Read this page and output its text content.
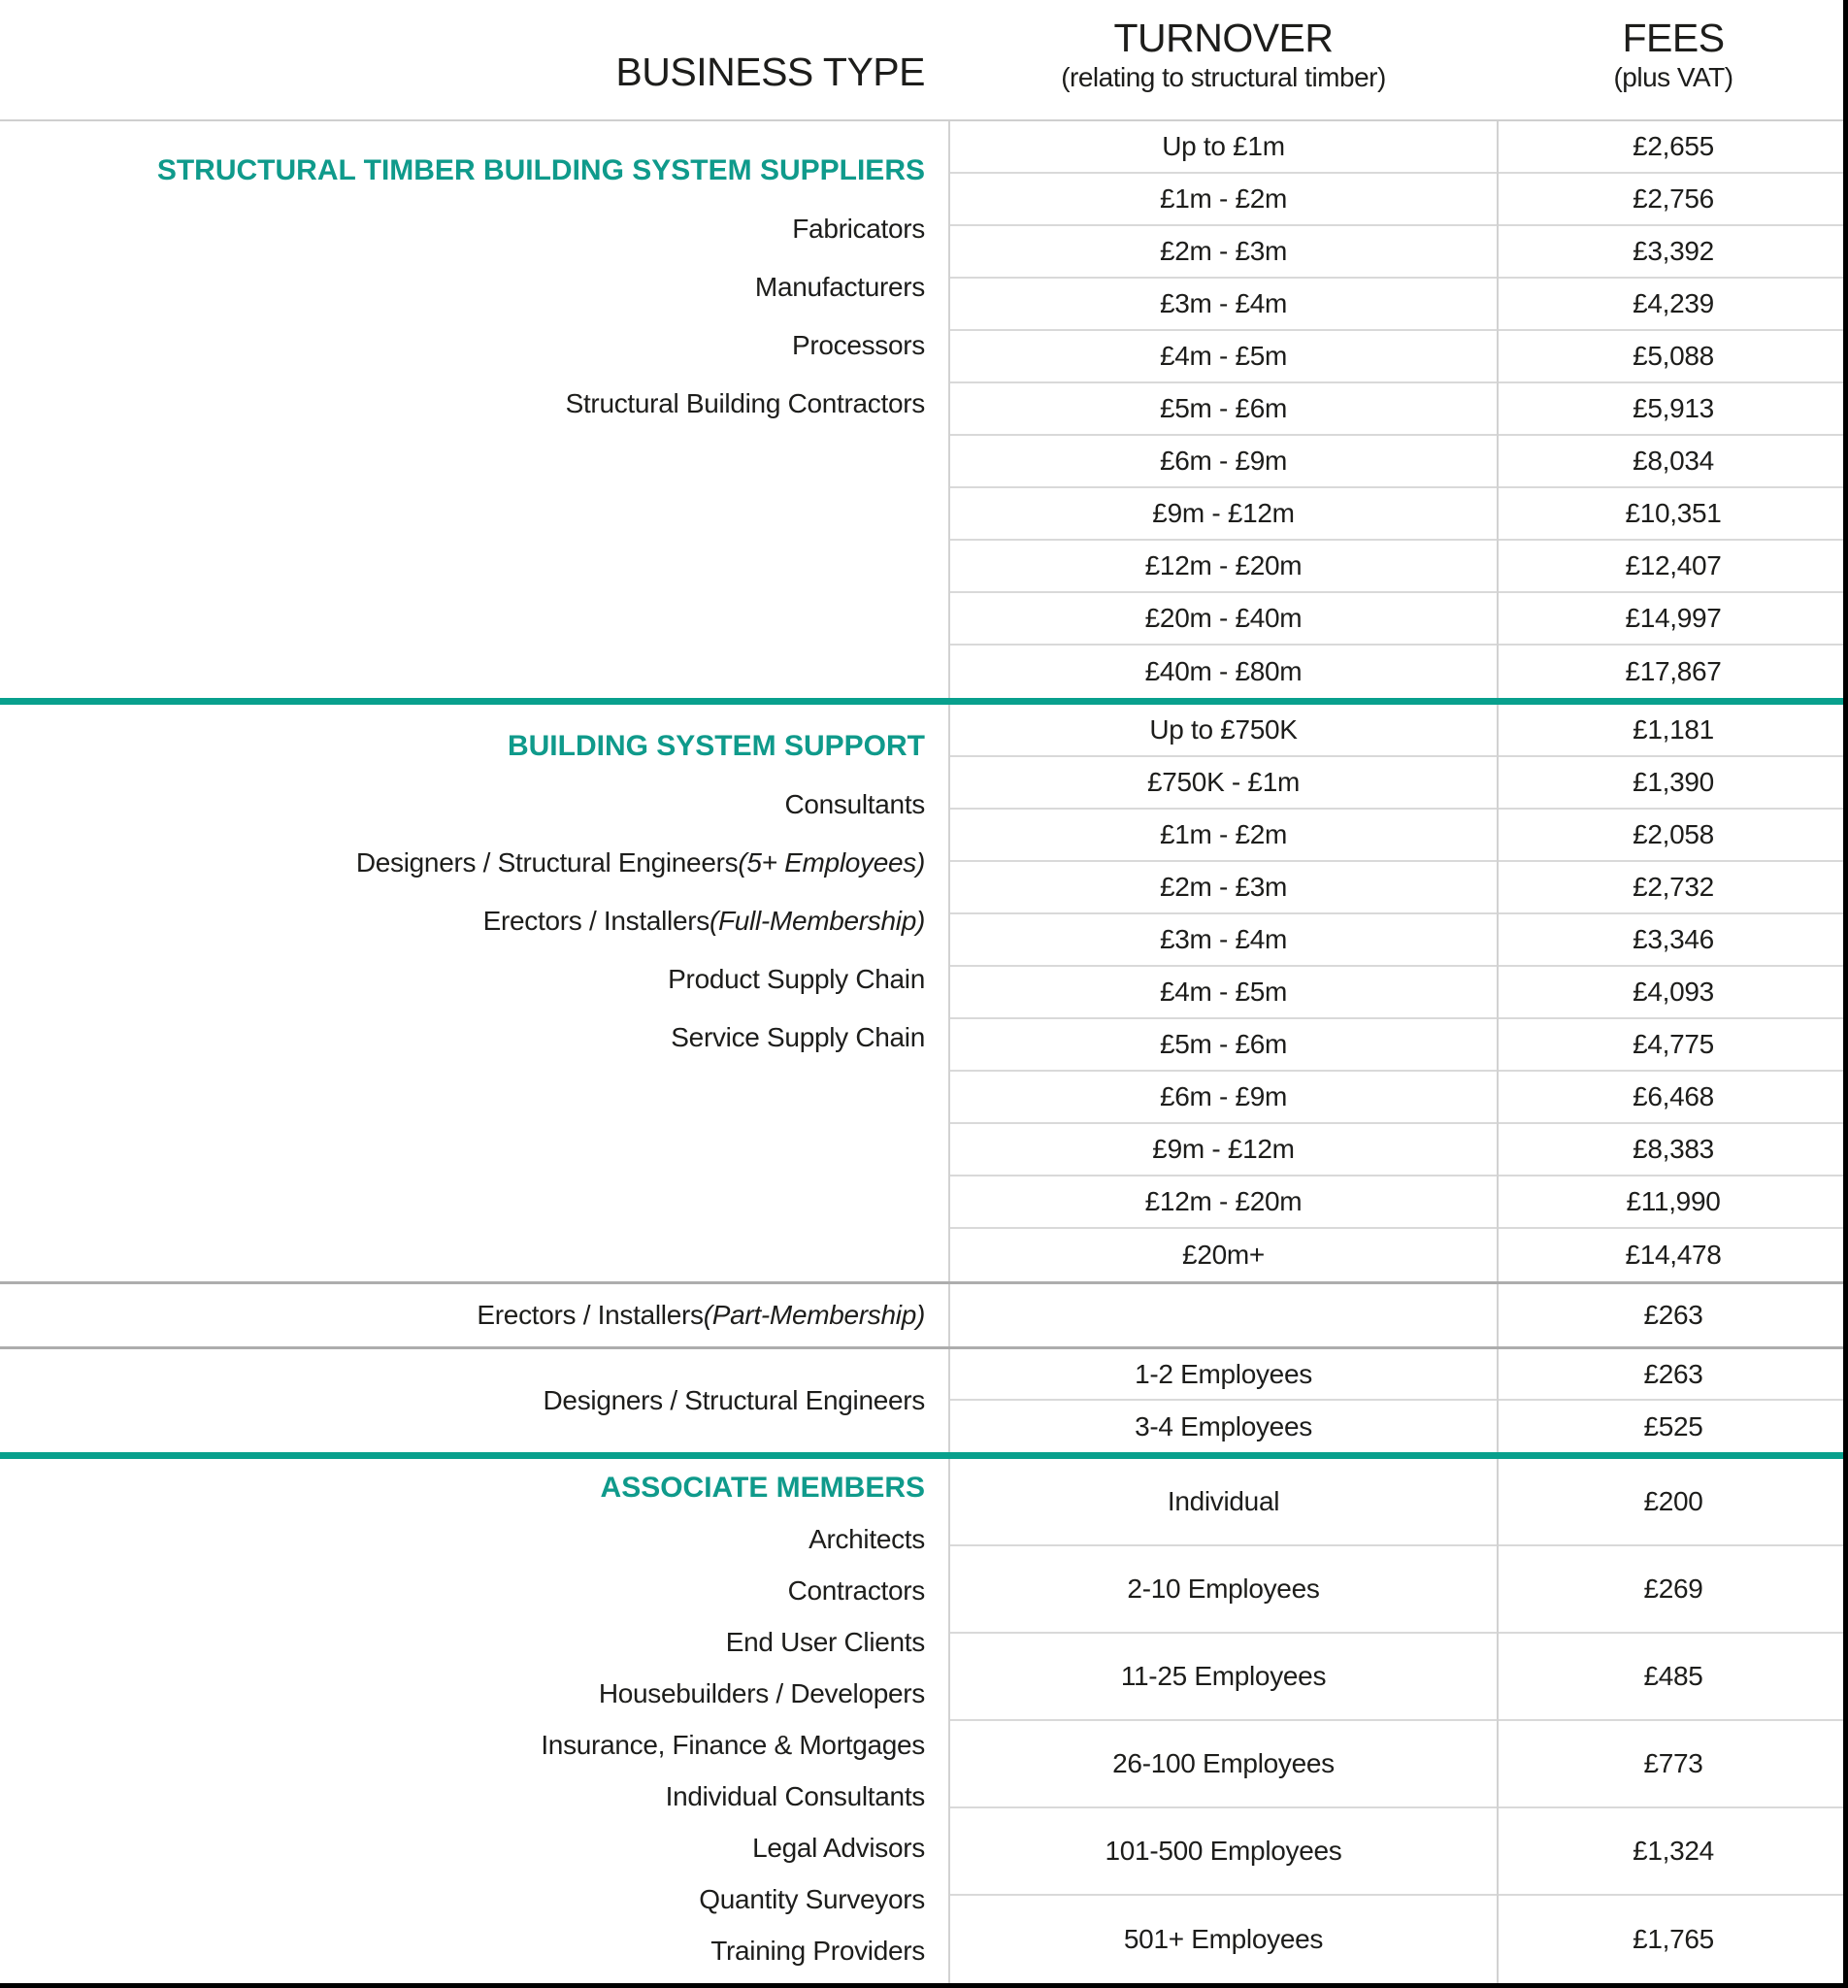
BUSINESS TYPE
TURNOVER
(relating to structural timber)
FEES
(plus VAT)
STRUCTURAL TIMBER BUILDING SYSTEM SUPPLIERS
Fabricators
Manufacturers
Processors
Structural Building Contractors
Up to £1m
£1m - £2m
£2m - £3m
£3m - £4m
£4m - £5m
£5m - £6m
£6m - £9m
£9m - £12m
£12m - £20m
£20m - £40m
£40m - £80m
£2,655
£2,756
£3,392
£4,239
£5,088
£5,913
£8,034
£10,351
£12,407
£14,997
£17,867
BUILDING SYSTEM SUPPORT
Consultants
Designers / Structural Engineers (5+ Employees)
Erectors / Installers (Full-Membership)
Product Supply Chain
Service Supply Chain
Up to £750K
£750K - £1m
£1m - £2m
£2m - £3m
£3m - £4m
£4m - £5m
£5m - £6m
£6m - £9m
£9m - £12m
£12m - £20m
£20m+
£1,181
£1,390
£2,058
£2,732
£3,346
£4,093
£4,775
£6,468
£8,383
£11,990
£14,478
Erectors / Installers (Part-Membership)	£263
Designers / Structural Engineers
1-2 Employees
3-4 Employees
£263
£525
ASSOCIATE MEMBERS
Architects
Contractors
End User Clients
Housebuilders / Developers
Insurance, Finance & Mortgages
Individual Consultants
Legal Advisors
Quantity Surveyors
Training Providers
Individual
2-10 Employees
11-25 Employees
26-100 Employees
101-500 Employees
501+ Employees
£200
£269
£485
£773
£1,324
£1,765
